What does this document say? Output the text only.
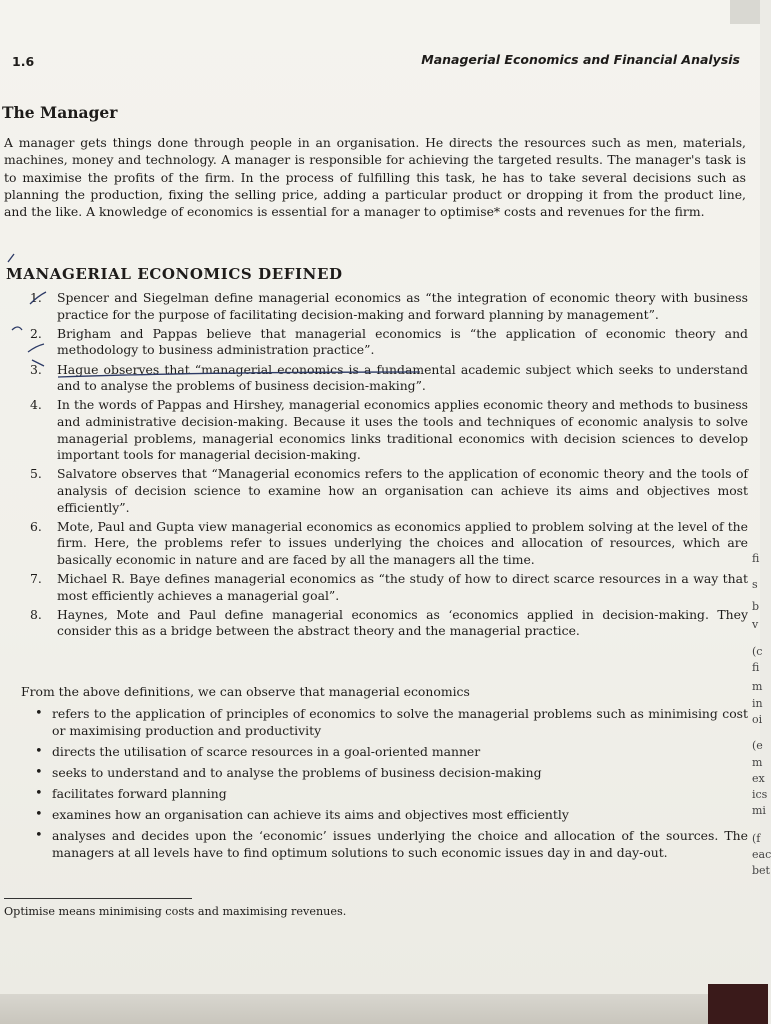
1.6	Managerial Economics and Financial Analysis
The Manager
A manager gets things done through people in an organisation. He directs the resources such as men, materials, machines, money and technology. A manager is responsible for achieving the targeted results. The manager's task is to maximise the profits of the firm. In the process of fulfilling this task, he has to take several decisions such as planning the production, fixing the selling price, adding a particular product or dropping it from the product line, and the like. A knowledge of economics is essential for a manager to optimise* costs and revenues for the firm.
MANAGERIAL ECONOMICS DEFINED
1. Spencer and Siegelman define managerial economics as “the integration of economic theory with business practice for the purpose of facilitating decision-making and forward planning by management”.
2. Brigham and Pappas believe that managerial economics is “the application of economic theory and methodology to business administration practice”.
3. Hague observes that “managerial economics is a fundamental academic subject which seeks to understand and to analyse the problems of business decision-making”.
4. In the words of Pappas and Hirshey, managerial economics applies economic theory and methods to business and administrative decision-making. Because it uses the tools and techniques of economic analysis to solve managerial problems, managerial economics links traditional economics with decision sciences to develop important tools for managerial decision-making.
5. Salvatore observes that “Managerial economics refers to the application of economic theory and the tools of analysis of decision science to examine how an organisation can achieve its aims and objectives most efficiently”.
6. Mote, Paul and Gupta view managerial economics as economics applied to problem solving at the level of the firm. Here, the problems refer to issues underlying the choices and allocation of resources, which are basically economic in nature and are faced by all the managers all the time.
7. Michael R. Baye defines managerial economics as “the study of how to direct scarce resources in a way that most efficiently achieves a managerial goal”.
8. Haynes, Mote and Paul define managerial economics as ‘economics applied in decision-making. They consider this as a bridge between the abstract theory and the managerial practice.
From the above definitions, we can observe that managerial economics
• refers to the application of principles of economics to solve the managerial problems such as minimising cost or maximising production and productivity
• directs the utilisation of scarce resources in a goal-oriented manner
• seeks to understand and to analyse the problems of business decision-making
• facilitates forward planning
• examines how an organisation can achieve its aims and objectives most efficiently
• analyses and decides upon the ‘economic’ issues underlying the choice and allocation of the sources. The managers at all levels have to find optimum solutions to such economic issues day in and day-out.
Optimise means minimising costs and maximising revenues.
s
b
v
(c
fi
m
in
oi
(e
m
ex
ics
mi
(f
eac
bet
fi
